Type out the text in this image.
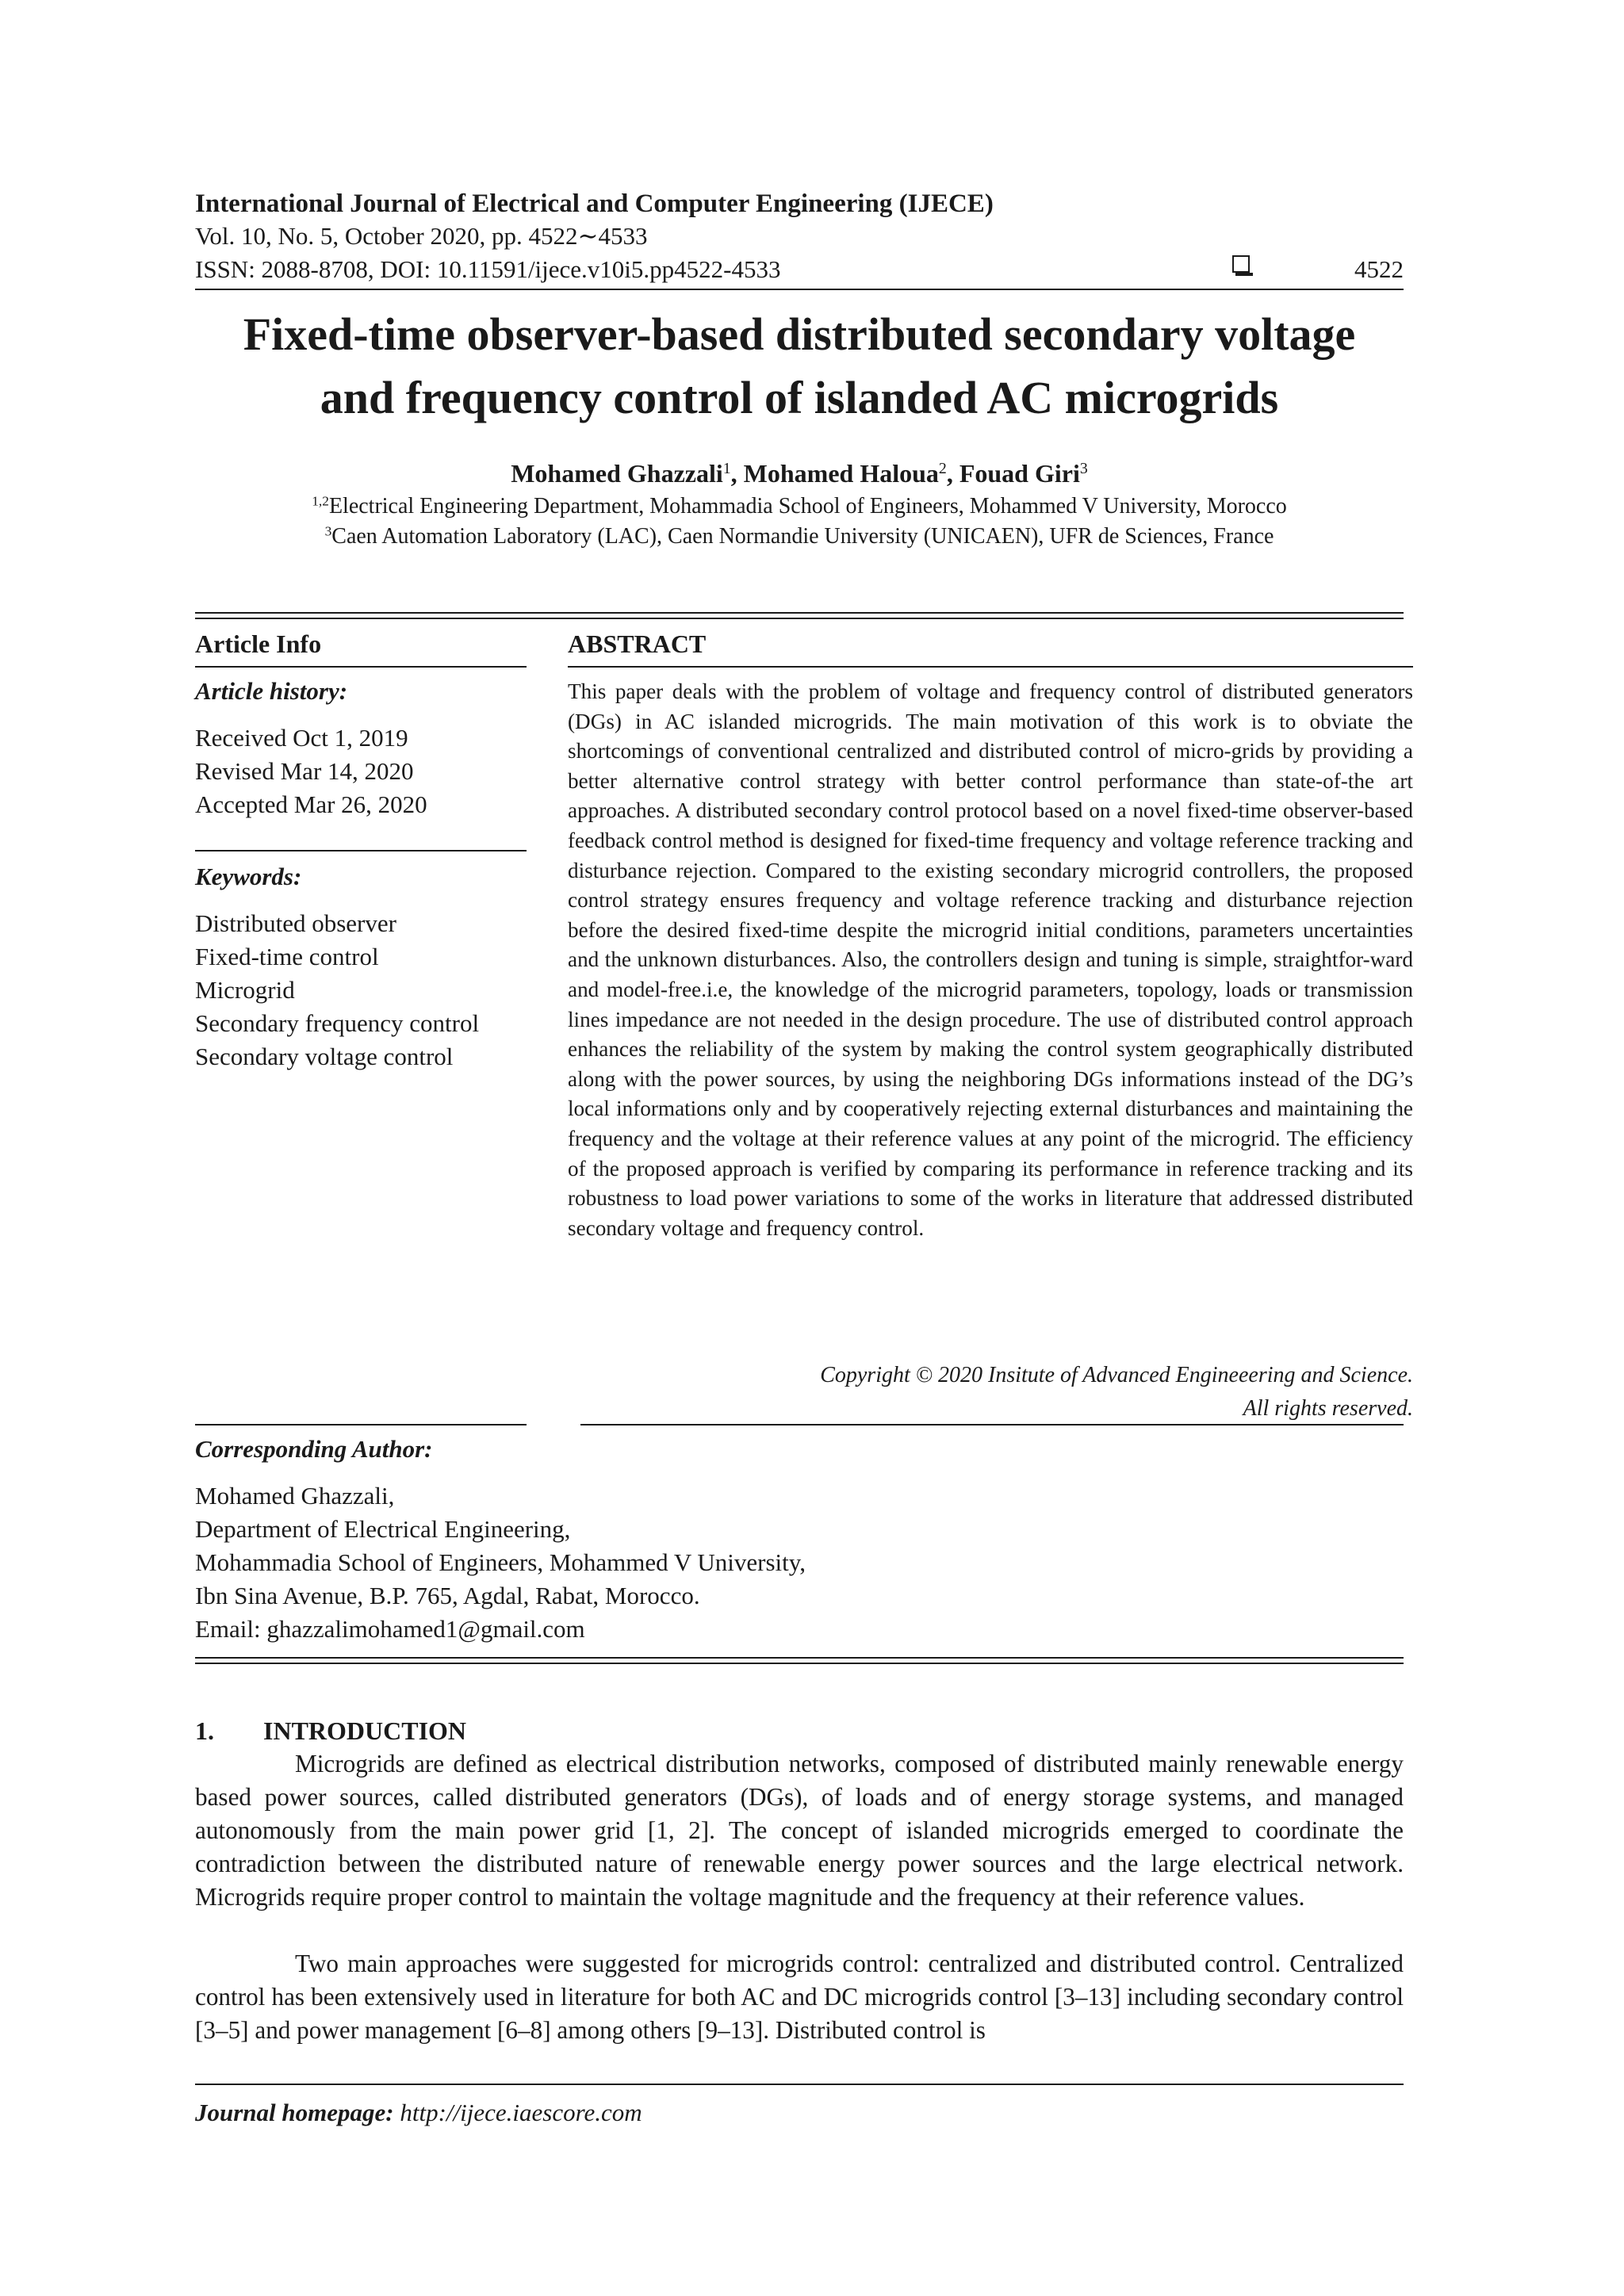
International Journal of Electrical and Computer Engineering (IJECE)
Vol. 10, No. 5, October 2020, pp. 4522∼4533
ISSN: 2088-8708, DOI: 10.11591/ijece.v10i5.pp4522-4533	4522
Fixed-time observer-based distributed secondary voltage
and frequency control of islanded AC microgrids
Mohamed Ghazzali$^1$, Mohamed Haloua$^2$, Fouad Giri$^3$
$^{1,2}$Electrical Engineering Department, Mohammadia School of Engineers, Mohammed V University, Morocco
$^3$Caen Automation Laboratory (LAC), Caen Normandie University (UNICAEN), UFR de Sciences, France
Article Info
Article history:
Received Oct 1, 2019
Revised Mar 14, 2020
Accepted Mar 26, 2020
Keywords:
Distributed observer
Fixed-time control
Microgrid
Secondary frequency control
Secondary voltage control
ABSTRACT
This paper deals with the problem of voltage and frequency control of distributed generators (DGs) in AC islanded microgrids. The main motivation of this work is to obviate the shortcomings of conventional centralized and distributed control of micro-grids by providing a better alternative control strategy with better control performance than state-of-the art approaches. A distributed secondary control protocol based on a novel fixed-time observer-based feedback control method is designed for fixed-time frequency and voltage reference tracking and disturbance rejection. Compared to the existing secondary microgrid controllers, the proposed control strategy ensures frequency and voltage reference tracking and disturbance rejection before the desired fixed-time despite the microgrid initial conditions, parameters uncertainties and the unknown disturbances. Also, the controllers design and tuning is simple, straightfor-ward and model-free.i.e, the knowledge of the microgrid parameters, topology, loads or transmission lines impedance are not needed in the design procedure. The use of distributed control approach enhances the reliability of the system by making the control system geographically distributed along with the power sources, by using the neighboring DGs informations instead of the DG’s local informations only and by cooperatively rejecting external disturbances and maintaining the frequency and the voltage at their reference values at any point of the microgrid. The efficiency of the proposed approach is verified by comparing its performance in reference tracking and its robustness to load power variations to some of the works in literature that addressed distributed secondary voltage and frequency control.
Copyright © 2020 Insitute of Advanced Engineeering and Science.
All rights reserved.
Corresponding Author:
Mohamed Ghazzali,
Department of Electrical Engineering,
Mohammadia School of Engineers, Mohammed V University,
Ibn Sina Avenue, B.P. 765, Agdal, Rabat, Morocco.
Email: ghazzalimohamed1@gmail.com
1. INTRODUCTION

Microgrids are defined as electrical distribution networks, composed of distributed mainly renewable energy based power sources, called distributed generators (DGs), of loads and of energy storage systems, and managed autonomously from the main power grid [1, 2]. The concept of islanded microgrids emerged to coordinate the contradiction between the distributed nature of renewable energy power sources and the large electrical network. Microgrids require proper control to maintain the voltage magnitude and the frequency at their reference values.

Two main approaches were suggested for microgrids control: centralized and distributed control. Centralized control has been extensively used in literature for both AC and DC microgrids control [3–13] including secondary control [3–5] and power management [6–8] among others [9–13]. Distributed control is

Journal homepage: http://ijece.iaescore.com
